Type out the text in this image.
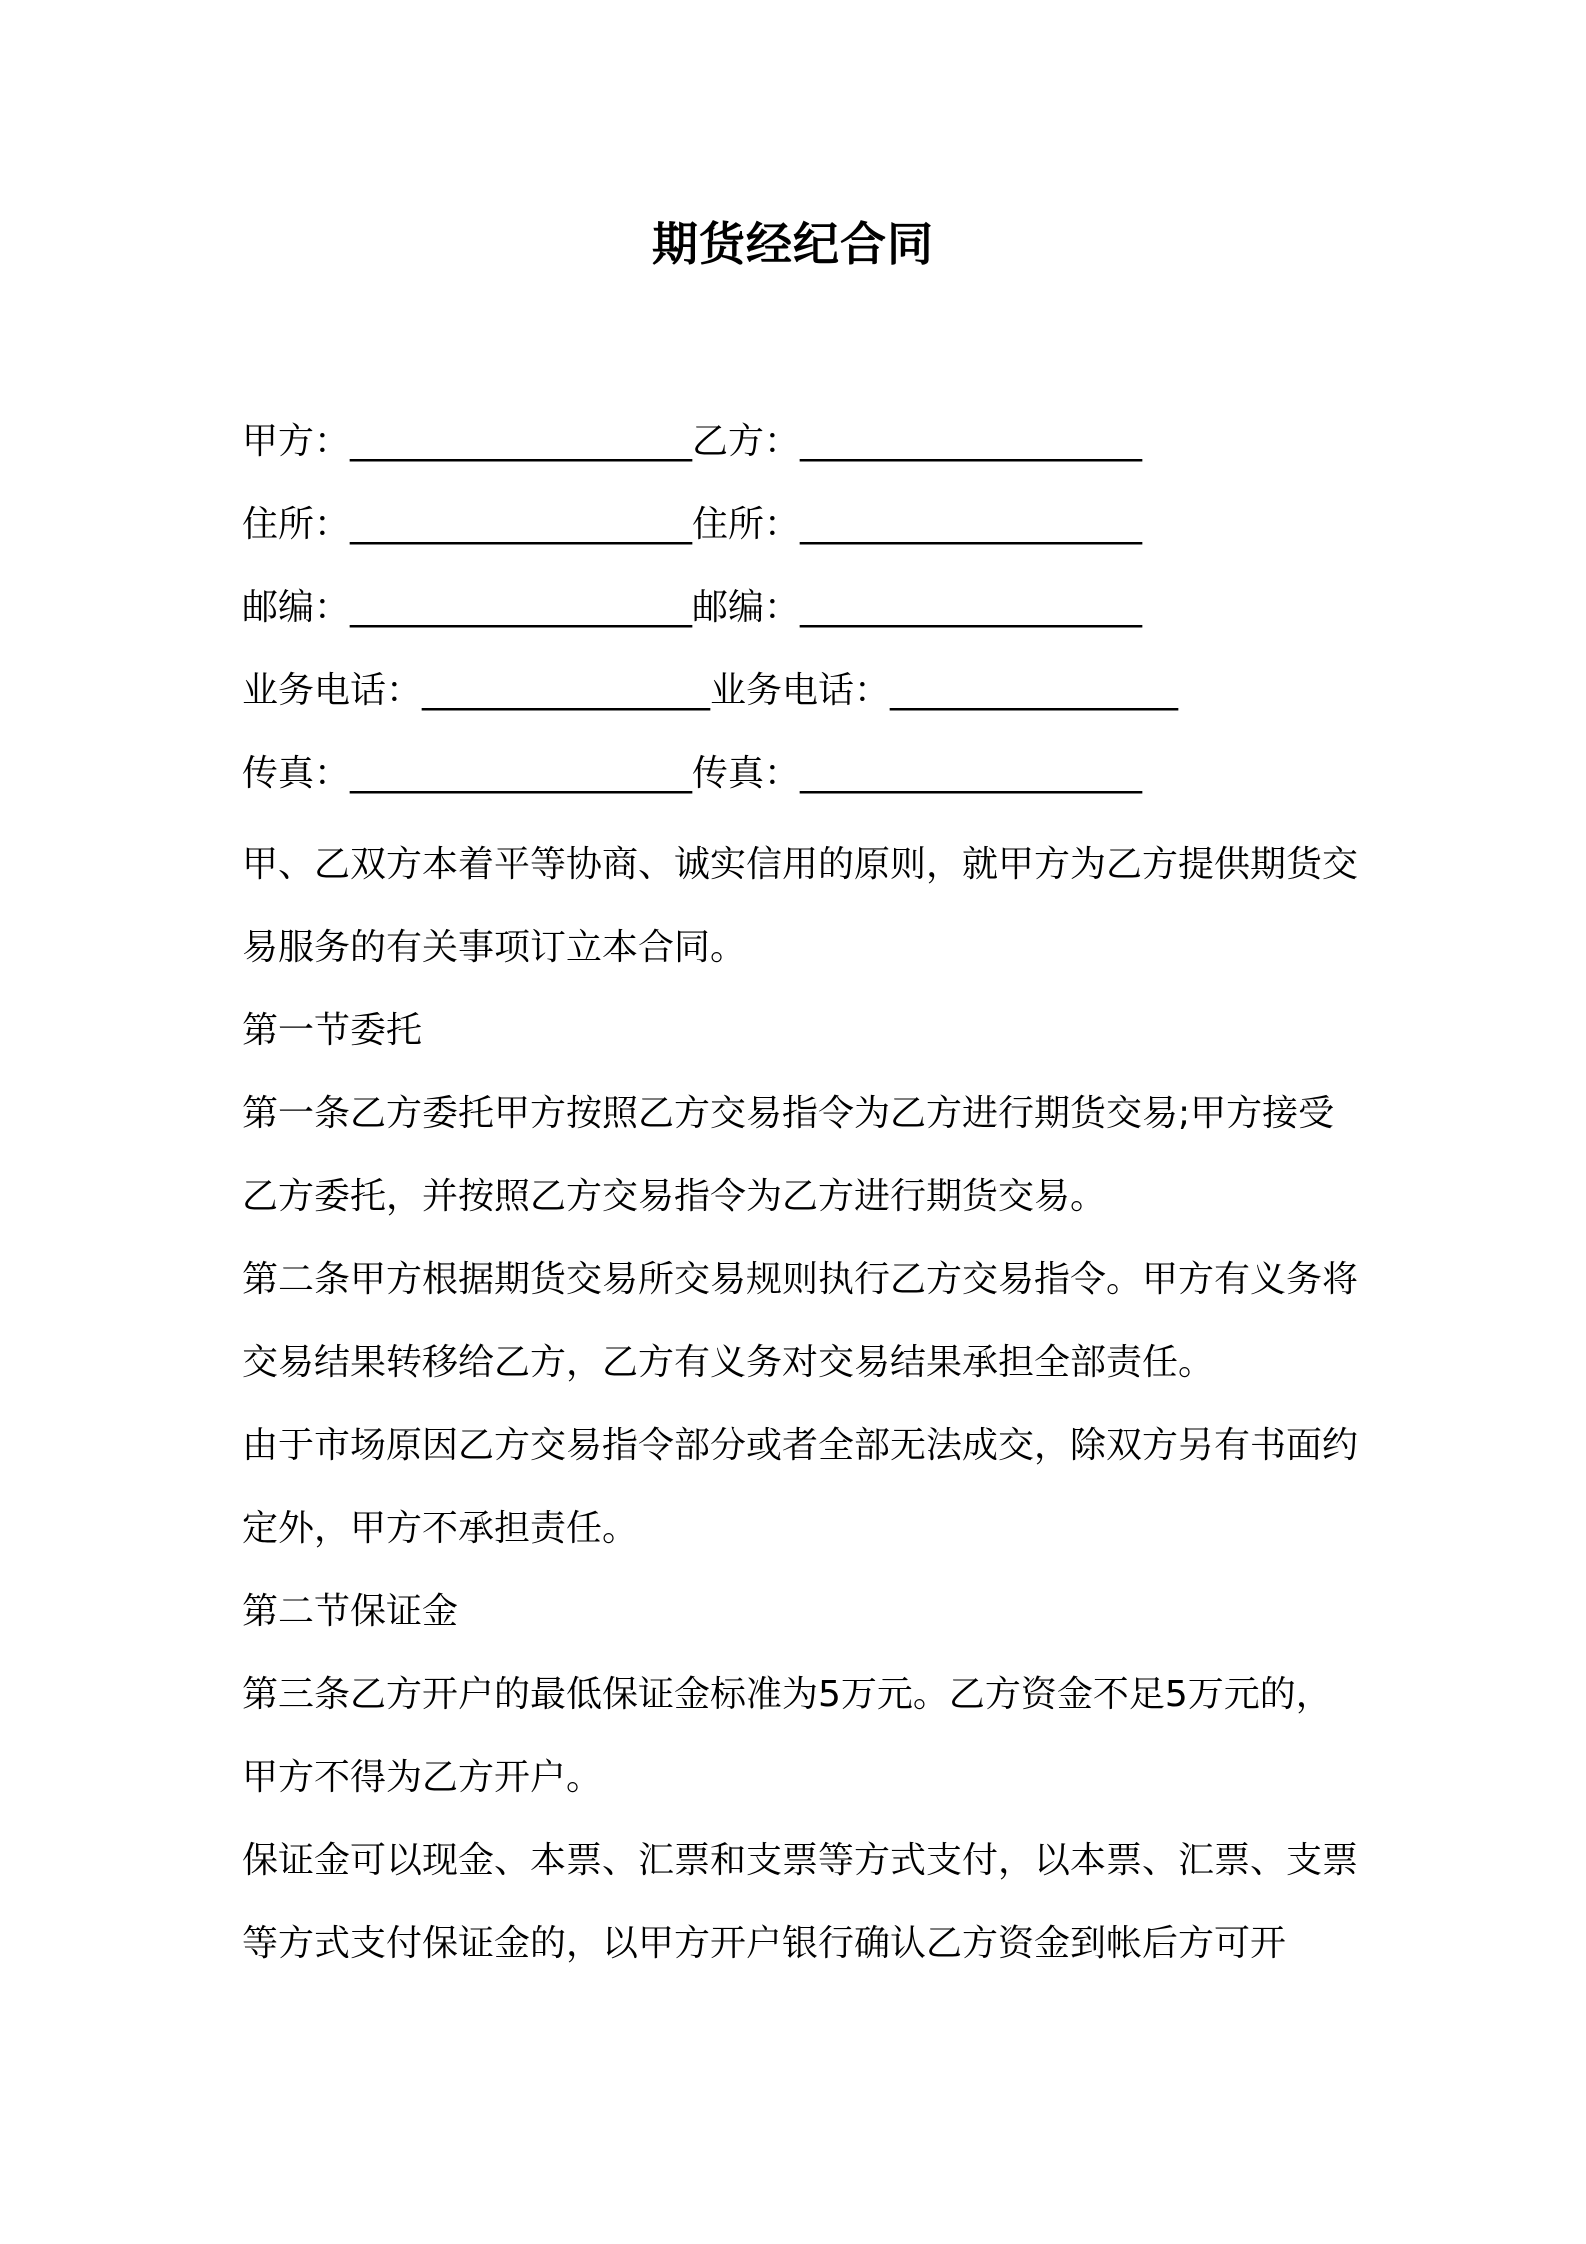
期货经纪合同
甲方：___________________ 乙方：___________________
住所：___________________ 住所：___________________
邮编：___________________ 邮编：___________________
业务电话：________________ 业务电话：________________
传真：___________________ 传真：___________________

甲、乙双方本着平等协商、诚实信用的原则，就甲方为乙方提供期货交易服务的有关事项订立本合同。

第一节委托

第一条乙方委托甲方按照乙方交易指令为乙方进行期货交易;甲方接受乙方委托，并按照乙方交易指令为乙方进行期货交易。

第二条甲方根据期货交易所交易规则执行乙方交易指令。甲方有义务将交易结果转移给乙方，乙方有义务对交易结果承担全部责任。

由于市场原因乙方交易指令部分或者全部无法成交，除双方另有书面约定外，甲方不承担责任。

第二节保证金

第三条乙方开户的最低保证金标准为5万元。乙方资金不足5万元的，甲方不得为乙方开户。

保证金可以现金、本票、汇票和支票等方式支付，以本票、汇票、支票等方式支付保证金的，以甲方开户银行确认乙方资金到帐后方可开
